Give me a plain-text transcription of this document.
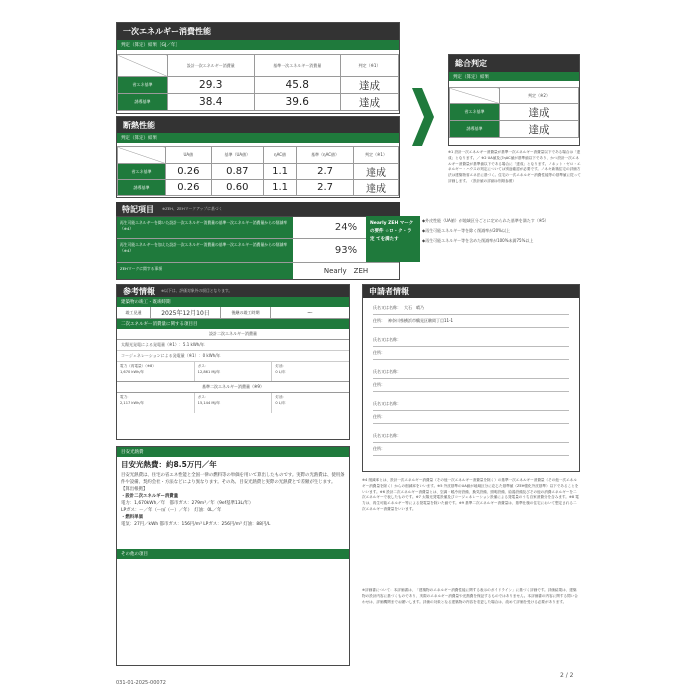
一次エネルギー消費性能
判定（算定）結果［GJ／年］
	設計一次エネルギー消費量	基準一次エネルギー消費量	判定（※1）
省エネ基準	29.3	45.8	達成
誘導基準	38.4	39.6	達成
断熱性能
判定（算定）結果
	UA値	基準（UA値）	ηAC値	基準（ηAC値）	判定（※1）
省エネ基準	0.26	0.87	1.1	2.7	達成
誘導基準	0.26	0.60	1.1	2.7	達成
総合判定
判定（算定）結果
	判定（※2）
省エネ基準	達成
誘導基準	達成
※1 設計一次エネルギー消費量が基準一次エネルギー消費量以下である場合は「達成」となります。／ ※2 UA値及びηAC値が基準値以下であり、かつ設計一次エネルギー消費量が基準値以下である場合に「達成」となります。ノネット・ゼロ・エネルギー・ハウスの判定については別途確認が必要です。ノネキ新築住宅の評価方法は建築物省エネ法に基づく。住宅の一次エネルギー消費性能等の基準値に従って評価します。（設計値の詳細は別紙参照）
特記項目 ※ZEH、ZEHマークアップに基づく
再生可能エネルギーを除いた設計一次エネルギー消費量の基準一次エネルギー消費量からの削減率（※4）	24%
再生可能エネルギーを加えた設計一次エネルギー消費量の基準一次エネルギー消費量からの削減率（※4）	93%
ZEHマークに関する事項	Nearly　ZEH
Nearly ZEH マークの要件 ☆ロ・ク・ラ 定 てを満たす
◆外皮性能（UA値）が地域区分ごとに定められた基準を満たす（※5）
◆再生可能エネルギー等を除く削減率が20%以上
◆再生可能エネルギー等を含めた削減率が100%未満75%以上
参考情報 ※以下は、評価対象外の項目となります。
建築物の竣工・既竣時期
竣工見通	2025年12月10日	後継の竣工時期	ー
二次エネルギー消費量に関する項目目
設計二次エネルギー消費量
太陽光発電による発電量（※1）：5.1 kWh/年
コージェネレーションによる発電量（※1）：0 kWh/年
電力（再電量）（※8）
1,670 kWh/年
ガス：
12,861 MJ/年
灯油：
0 L/年
基準二次エネルギー消費量（※9）
電力：
2,117 kWh/年
ガス：
15,144 MJ/年
灯油：
0 L/年
目安光熱費
目安光熱費：約8.5万円／年
目安光熱費は、住宅の省エネ性能と全国一律の燃料等の単価を用いて算出したものです。実際の光熱費は、使用条件や設備、契約会社・方法などにより異なります。その為、目安光熱費と実際の光熱費とで差額が生じます。
【算出根拠】
・設計二次エネルギー消費量
電力：1,670kWh／年　都市ガス：279m³／年（9ef基準13L/年）
LPガス：ー／年（ー㎥（ー）／年）　灯油：0L／年
・燃料単価
電気：27円／kWh 都市ガス：156円/m³ LPガス：256円/m³ 灯油：88円/L
その他の項目
申請者情報
氏名又は名称： 大石　晴乃
住所： 神奈川県横浜市鶴見区駒岡丁目11-1
氏名又は名称：
住所：
氏名又は名称：
住所：
氏名又は名称：
住所：
氏名又は名称：
住所：
※4 削減率とは、設計一次エネルギー消費量（その他一次エネルギー消費量を除く）の基準一次エネルギー消費量（その他一次エネルギー消費量を除く）からの削減率をいいます。※5 外皮基準のUA値が地域区分に応じた基準値（ZEH強化外皮基準）以下であることをいいます。※6 設計二次エネルギー消費量とは、空調・暖冷房設備、換気設備、照明設備、給湯設備及びその他の消費エネルギーを二次エネルギーで表したものです。※7 太陽光発電設備及びコージェネレーション設備による発電量のうち自家消費分を含みます。※8 電力は、再生可能エネルギー等による発電量を除いた値です。※9 基準二次エネルギー消費量は、基準仕様の住宅において想定される二次エネルギー消費量をいいます。
※評価書について：本評価書は、「建築物のエネルギー消費性能に関する表示のガイドライン」に基づく評価です。評価結果は、建築物の設計内容に基づくものであり、実際のエネルギー消費量や光熱費を保証するものではありません。本評価書の内容に関する問い合わせは、評価機関までお願いします。評価の対象となる建築物の内容を変更した場合は、改めて評価を受ける必要があります。
031-01-2025-00072
2 / 2
